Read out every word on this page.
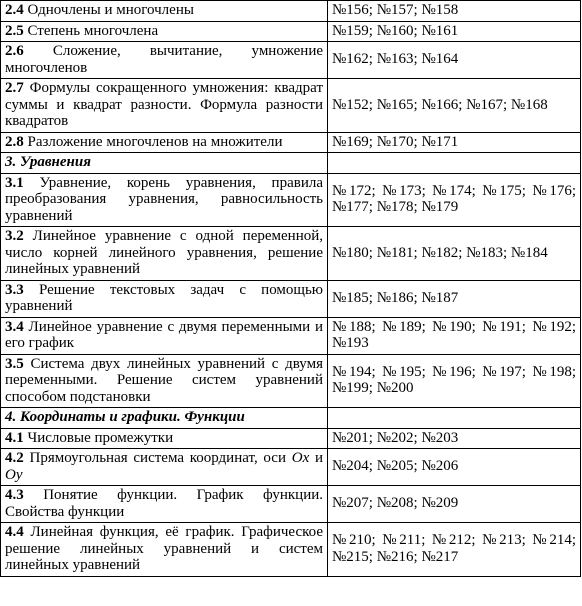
2.4 Одночлены и многочлены	№156; №157; №158
2.5 Степень многочлена	№159; №160; №161
2.6 Сложение, вычитание, умножение многочленов	№162; №163; №164
2.7 Формулы сокращенного умножения: квадрат суммы и квадрат разности. Формула разности квадратов	№152; №165; №166; №167; №168
2.8 Разложение многочленов на множители	№169; №170; №171
3. Уравнения	
3.1 Уравнение, корень уравнения, правила преобразования уравнения, равносильность уравнений	№172; №173; №174; №175; №176; №177; №178; №179
3.2 Линейное уравнение с одной переменной, число корней линейного уравнения, решение линейных уравнений	№180; №181; №182; №183; №184
3.3 Решение текстовых задач с помощью уравнений	№185; №186; №187
3.4 Линейное уравнение с двумя переменными и его график	№188; №189; №190; №191; №192; №193
3.5 Система двух линейных уравнений с двумя переменными. Решение систем уравнений способом подстановки	№194; №195; №196; №197; №198; №199; №200
4. Координаты и графики. Функции	
4.1 Числовые промежутки	№201; №202; №203
4.2 Прямоугольная система координат, оси Ox и Oy	№204; №205; №206
4.3 Понятие функции. График функции. Свойства функции	№207; №208; №209
4.4 Линейная функция, её график. Графическое решение линейных уравнений и систем линейных уравнений	№210; №211; №212; №213; №214; №215; №216; №217
